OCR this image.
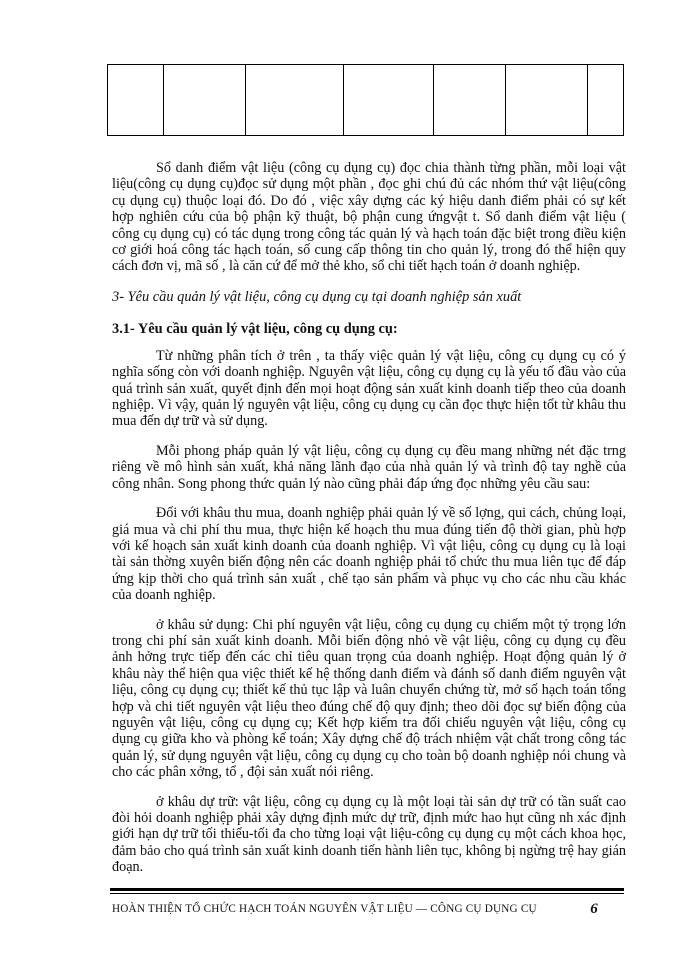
Sổ danh điểm vật liệu (công cụ dụng cụ) đọc chia thành từng phần, mỗi loại vật liệu(công cụ dụng cụ)đọc sử dụng một phần , đọc ghi chú đủ các nhóm thứ vật liệu(công cụ dụng cụ) thuộc loại đó. Do đó , việc xây dựng các ký hiệu danh điểm phải có sự kết hợp nghiên cứu của bộ phận kỹ thuật, bộ phận cung ứngvật t. Sổ danh điểm vật liệu ( công cụ dụng cụ) có tác dụng trong công tác quản lý và hạch toán đặc biệt trong điều kiện cơ giới hoá công tác hạch toán, số cung cấp thông tin cho quản lý, trong đó thể hiện quy cách đơn vị, mã số , là căn cứ để mở thẻ kho, sổ chi tiết hạch toán ở doanh nghiệp.

3- Yêu cầu quản lý vật liệu, công cụ dụng cụ tại doanh nghiệp sản xuất
3.1- Yêu cầu quản lý vật liệu, công cụ dụng cụ:

Từ những phân tích ở trên , ta thấy việc quản lý vật liệu, công cụ dụng cụ có ý nghĩa sống còn với doanh nghiệp. Nguyên vật liệu, công cụ dụng cụ là yếu tố đầu vào của quá trình sản xuất, quyết định đến mọi hoạt động sản xuất kinh doanh tiếp theo của doanh nghiệp. Vì vậy, quản lý nguyên vật liệu, công cụ dụng cụ cần đọc thực hiện tốt từ khâu thu mua đến dự trữ và sử dụng.

Mỗi phong pháp quản lý vật liệu, công cụ dụng cụ đều mang những nét đặc trng riêng về mô hình sản xuất, khả năng lãnh đạo của nhà quản lý và trình độ tay nghề của công nhân. Song phong thức quản lý nào cũng phải đáp ứng đọc những yêu cầu sau:

Đối với khâu thu mua, doanh nghiệp phải quản lý về số lợng, qui cách, chủng loại, giá mua và chi phí thu mua, thực hiện kế hoạch thu mua đúng tiến độ thời gian, phù hợp với kế hoạch sản xuất kinh doanh của doanh nghiệp. Vì vật liệu, công cụ dụng cụ là loại tài sản thờng xuyên biến động nên các doanh nghiệp phải tổ chức thu mua liên tục để đáp ứng kịp thời cho quá trình sản xuất , chế tạo sản phẩm và phục vụ cho các nhu cầu khác của doanh nghiệp.

ở khâu sử dụng: Chi phí nguyên vật liệu, công cụ dụng cụ chiếm một tỷ trọng lớn trong chi phí sản xuất kinh doanh. Mỗi biến động nhỏ về vật liệu, công cụ dụng cụ đều ảnh hởng trực tiếp đến các chỉ tiêu quan trọng của doanh nghiệp. Hoạt động quản lý ở khâu này thể hiện qua việc thiết kế hệ thống danh điểm và đánh số danh điểm nguyên vật liệu, công cụ dụng cụ; thiết kế thủ tục lập và luân chuyển chứng từ, mở số hạch toán tổng hợp và chi tiết nguyên vật liệu theo đúng chế độ quy định; theo dõi đọc sự biến động của nguyên vật liệu, công cụ dụng cụ; Kết hợp kiểm tra đối chiếu nguyên vật liệu, công cụ dụng cụ giữa kho và phòng kế toán; Xây dựng chế độ trách nhiệm vật chất trong công tác quản lý, sử dụng nguyên vật liệu, công cụ dụng cụ cho toàn bộ doanh nghiệp nói chung và cho các phân xởng, tổ , đội sản xuất nói riêng.

ở khâu dự trữ: vật liệu, công cụ dụng cụ là một loại tài sản dự trữ có tần suất cao đòi hỏi doanh nghiệp phải xây dựng định mức dự trữ, định mức hao hụt cũng nh xác định giới hạn dự trữ tối thiểu-tối đa cho từng loại vật liệu-công cụ dụng cụ một cách khoa học, đảm bảo cho quá trình sản xuất kinh doanh tiến hành liên tục, không bị ngừng trệ hay gián đoạn.

HOÀN THIỆN TỔ CHỨC HẠCH TOÁN NGUYÊN VẬT LIỆU — CÔNG CỤ DỤNG CỤ	6
